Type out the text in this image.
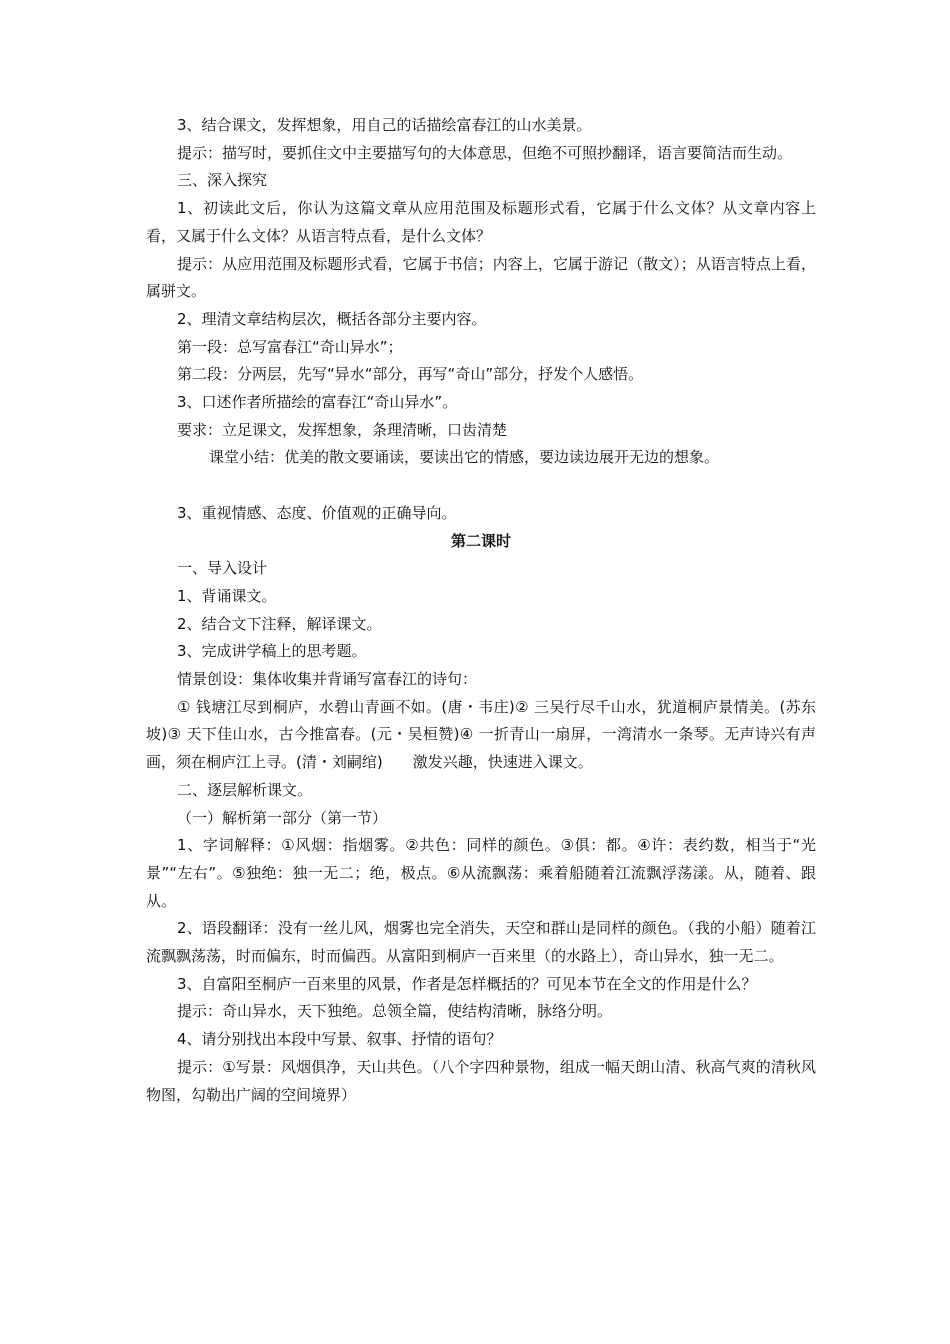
3、结合课文，发挥想象，用自己的话描绘富春江的山水美景。

提示：描写时，要抓住文中主要描写句的大体意思，但绝不可照抄翻译，语言要简洁而生动。

三、深入探究

1、初读此文后，你认为这篇文章从应用范围及标题形式看，它属于什么文体？从文章内容上看，又属于什么文体？从语言特点看，是什么文体？

提示：从应用范围及标题形式看，它属于书信；内容上，它属于游记（散文）；从语言特点上看，属骈文。

2、理清文章结构层次，概括各部分主要内容。

第一段：总写富春江“奇山异水”；

第二段：分两层，先写“异水“部分，再写“奇山”部分，抒发个人感悟。

3、口述作者所描绘的富春江“奇山异水”。

要求：立足课文，发挥想象，条理清晰，口齿清楚

课堂小结：优美的散文要诵读，要读出它的情感，要边读边展开无边的想象。

3、重视情感、态度、价值观的正确导向。

第二课时

一、导入设计

1、背诵课文。

2、结合文下注释，解译课文。

3、完成讲学稿上的思考题。

情景创设：集体收集并背诵写富春江的诗句：

① 钱塘江尽到桐庐，水碧山青画不如。(唐・韦庄)② 三吴行尽千山水，犹道桐庐景情美。(苏东坡)③ 天下佳山水，古今推富春。(元・吴桓赞)④ 一折青山一扇屏，一湾清水一条琴。无声诗兴有声画，须在桐庐江上寻。(清・刘嗣绾)　　激发兴趣，快速进入课文。

二、逐层解析课文。

（一）解析第一部分（第一节）

1、字词解释：①风烟：指烟雾。②共色：同样的颜色。③俱：都。④许：表约数，相当于“光景”“左右”。⑤独绝：独一无二；绝，极点。⑥从流飘荡：乘着船随着江流飘浮荡漾。从，随着、跟从。

2、语段翻译：没有一丝儿风，烟雾也完全消失，天空和群山是同样的颜色。（我的小船）随着江流飘飘荡荡，时而偏东，时而偏西。从富阳到桐庐一百来里（的水路上），奇山异水，独一无二。

3、自富阳至桐庐一百来里的风景，作者是怎样概括的？可见本节在全文的作用是什么？

提示：奇山异水，天下独绝。总领全篇，使结构清晰，脉络分明。

4、请分别找出本段中写景、叙事、抒情的语句？

提示：①写景：风烟俱净，天山共色。（八个字四种景物，组成一幅天朗山清、秋高气爽的清秋风物图，勾勒出广阔的空间境界）
